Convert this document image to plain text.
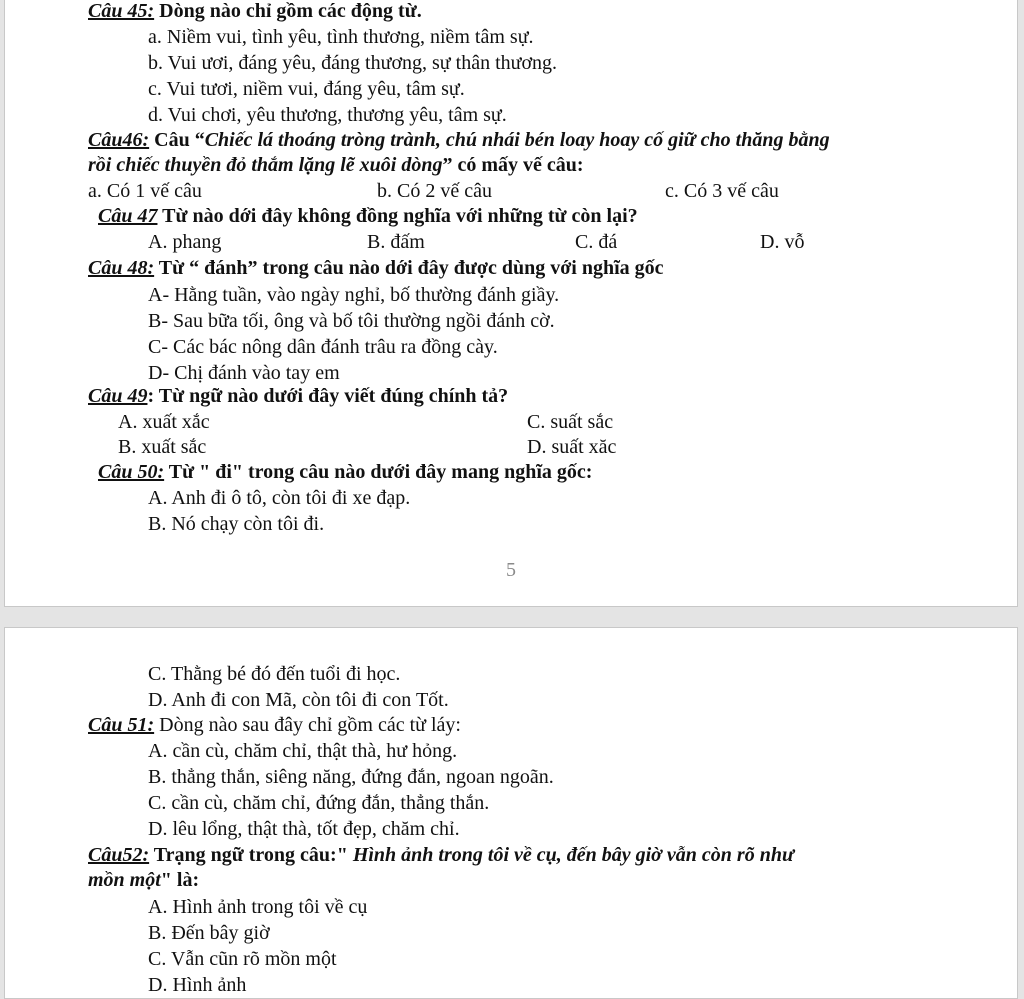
Câu 45: Dòng nào chỉ gồm các động từ.
a. Niềm vui, tình yêu, tình thương, niềm tâm sự.
b. Vui ươi, đáng yêu, đáng thương, sự thân thương.
c. Vui tươi, niềm vui, đáng yêu, tâm sự.
d. Vui chơi, yêu thương, thương yêu, tâm sự.
Câu46: Câu “Chiếc lá thoáng tròng trành, chú nhái bén loay hoay cố giữ cho thăng bằng
rồi chiếc thuyền đỏ thắm lặng lẽ xuôi dòng” có mấy vế câu:
a. Có 1 vế câu	b. Có 2 vế câu	c. Có 3 vế câu
Câu 47 Từ nào dới đây không đồng nghĩa với những từ còn lại?
A. phang	B. đấm	C. đá	D. vỗ
Câu 48: Từ “ đánh” trong câu nào dới đây được dùng với nghĩa gốc
A- Hằng tuần, vào ngày nghỉ, bố thường đánh giầy.
B- Sau bữa tối, ông và bố tôi thường ngồi đánh cờ.
C- Các bác nông dân đánh trâu ra đồng cày.
D- Chị đánh vào tay em
Câu 49: Từ ngữ nào dưới đây viết đúng chính tả?
A. xuất xắc	C. suất sắc
B. xuất sắc	D. suất xăc
Câu 50: Từ " đi" trong câu nào dưới đây mang nghĩa gốc:
A. Anh đi ô tô, còn tôi đi xe đạp.
B. Nó chạy còn tôi đi.
5
C. Thằng bé đó đến tuổi đi học.
D. Anh đi con Mã, còn tôi đi con Tốt.
Câu 51: Dòng nào sau đây chỉ gồm các từ láy:
A. cần cù, chăm chỉ, thật thà, hư hỏng.
B. thẳng thắn, siêng năng, đứng đắn, ngoan ngoãn.
C. cần cù, chăm chỉ, đứng đắn, thẳng thắn.
D. lêu lổng, thật thà, tốt đẹp, chăm chỉ.
Câu52: Trạng ngữ trong câu:" Hình ảnh trong tôi về cụ, đến bây giờ vẫn còn rõ như
mồn một" là:
A. Hình ảnh trong tôi về cụ
B. Đến bây giờ
C. Vẫn cũn rõ mồn một
D. Hình ảnh
